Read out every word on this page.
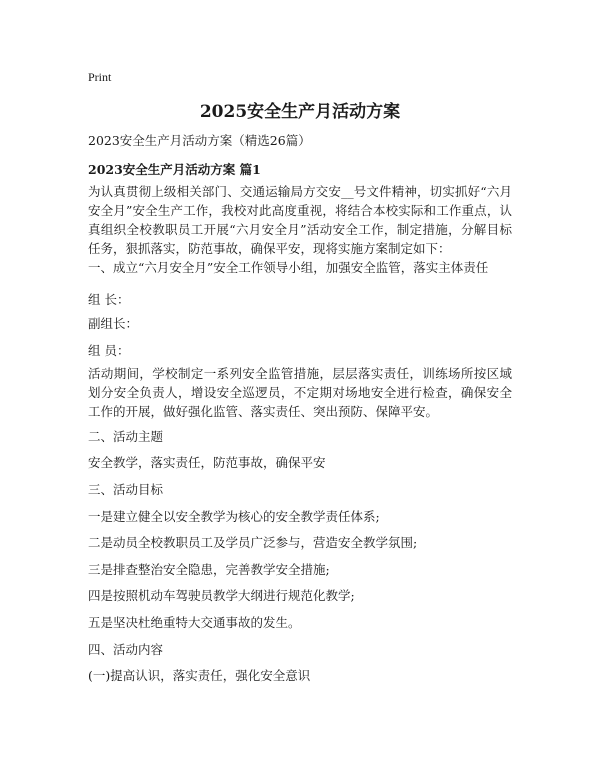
Print
2025安全生产月活动方案
2023安全生产月活动方案（精选26篇）
2023安全生产月活动方案 篇1

为认真贯彻上级相关部门、交通运输局方交安__号文件精神，切实抓好“六月安全月”安全生产工作，我校对此高度重视，将结合本校实际和工作重点，认真组织全校教职员工开展“六月安全月”活动安全工作，制定措施，分解目标任务，狠抓落实，防范事故，确保平安，现将实施方案制定如下：

一、成立“六月安全月”安全工作领导小组，加强安全监管，落实主体责任

组 长：

副组长：

组 员：

活动期间，学校制定一系列安全监管措施，层层落实责任，训练场所按区域划分安全负责人，增设安全巡逻员，不定期对场地安全进行检查，确保安全工作的开展，做好强化监管、落实责任、突出预防、保障平安。

二、活动主题

安全教学，落实责任，防范事故，确保平安

三、活动目标

一是建立健全以安全教学为核心的安全教学责任体系;

二是动员全校教职员工及学员广泛参与，营造安全教学氛围;

三是排查整治安全隐患，完善教学安全措施;

四是按照机动车驾驶员教学大纲进行规范化教学;

五是坚决杜绝重特大交通事故的发生。

四、活动内容

(一)提高认识，落实责任，强化安全意识
